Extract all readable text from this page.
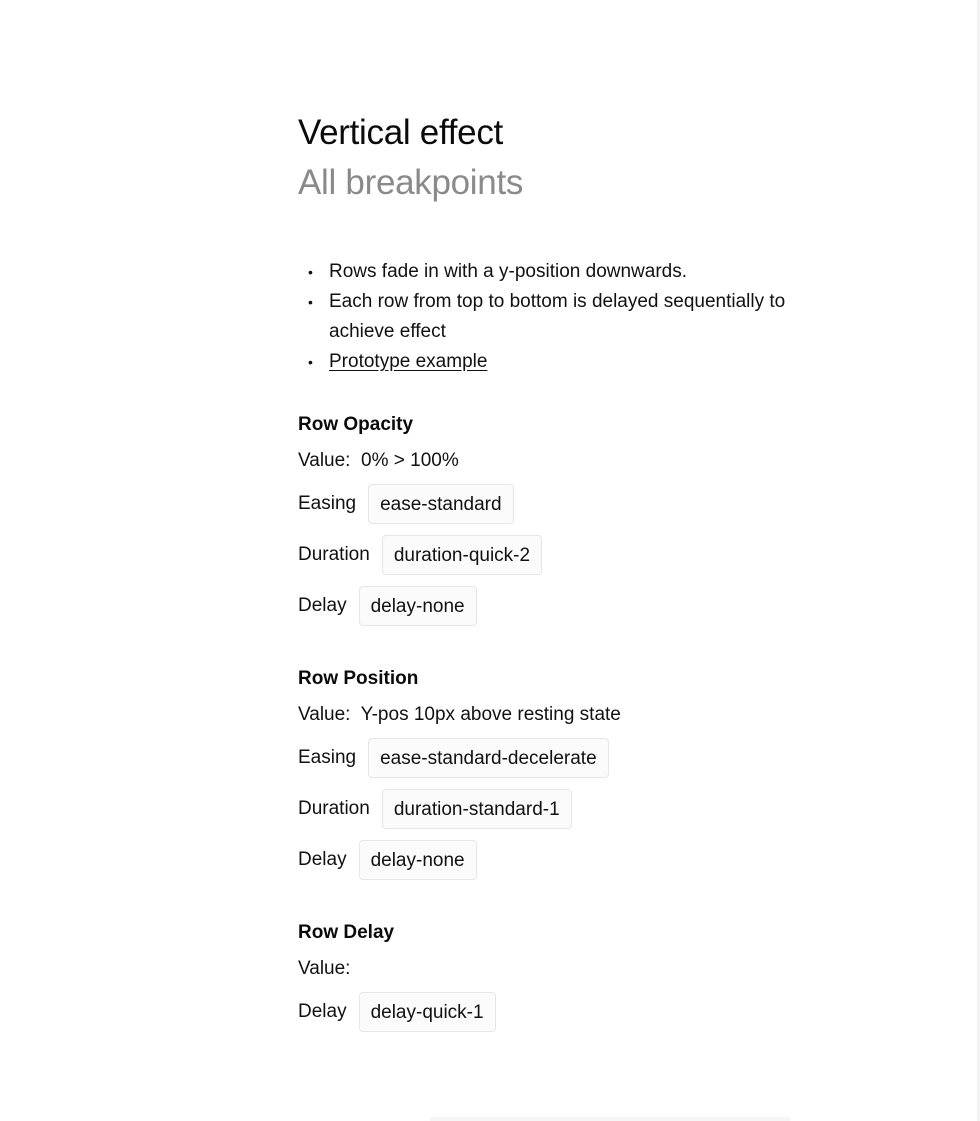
Vertical effect
All breakpoints
• Rows fade in with a y-position downwards.
• Each row from top to bottom is delayed sequentially to achieve effect
• Prototype example
Row Opacity
Value:  0% > 100%
Easing	ease-standard
Duration	duration-quick-2
Delay	delay-none
Row Position
Value:  Y-pos 10px above resting state
Easing	ease-standard-decelerate
Duration	duration-standard-1
Delay	delay-none
Row Delay
Value:
Delay	delay-quick-1
